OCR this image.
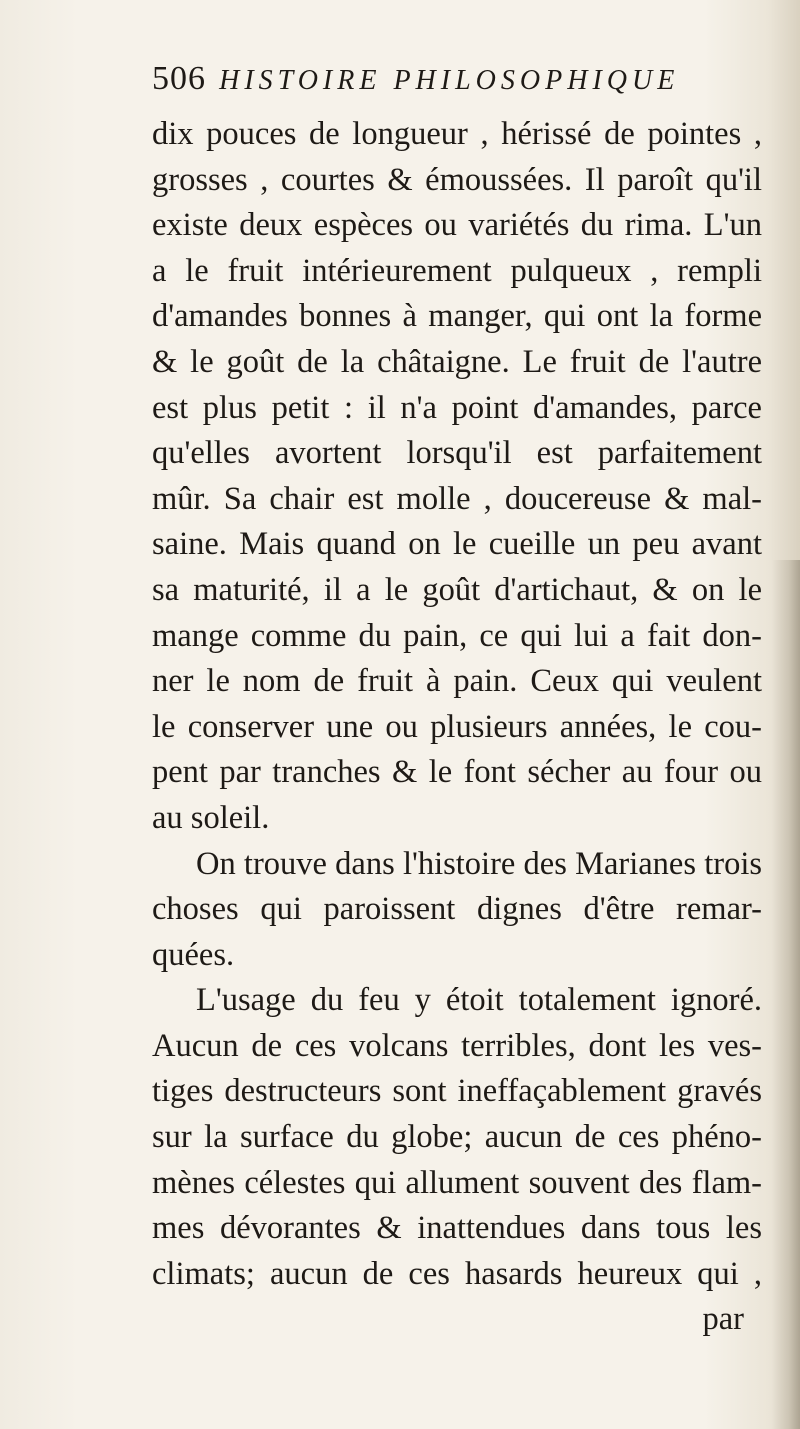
506 HISTOIRE PHILOSOPHIQUE
dix pouces de longueur , hérissé de pointes ,
grosses , courtes & émoussées. Il paroît qu'il
existe deux espèces ou variétés du rima. L'un
a le fruit intérieurement pulqueux , rempli
d'amandes bonnes à manger, qui ont la forme
& le goût de la châtaigne. Le fruit de l'autre
est plus petit : il n'a point d'amandes, parce
qu'elles avortent lorsqu'il est parfaitement
mûr. Sa chair est molle , doucereuse & mal-
saine. Mais quand on le cueille un peu avant
sa maturité, il a le goût d'artichaut, & on le
mange comme du pain, ce qui lui a fait don-
ner le nom de fruit à pain. Ceux qui veulent
le conserver une ou plusieurs années, le cou-
pent par tranches & le font sécher au four ou
au soleil.
On trouve dans l'histoire des Marianes trois
choses qui paroissent dignes d'être remar-
quées.
L'usage du feu y étoit totalement ignoré.
Aucun de ces volcans terribles, dont les ves-
tiges destructeurs sont ineffaçablement gravés
sur la surface du globe; aucun de ces phéno-
mènes célestes qui allument souvent des flam-
mes dévorantes & inattendues dans tous les
climats; aucun de ces hasards heureux qui ,
par
